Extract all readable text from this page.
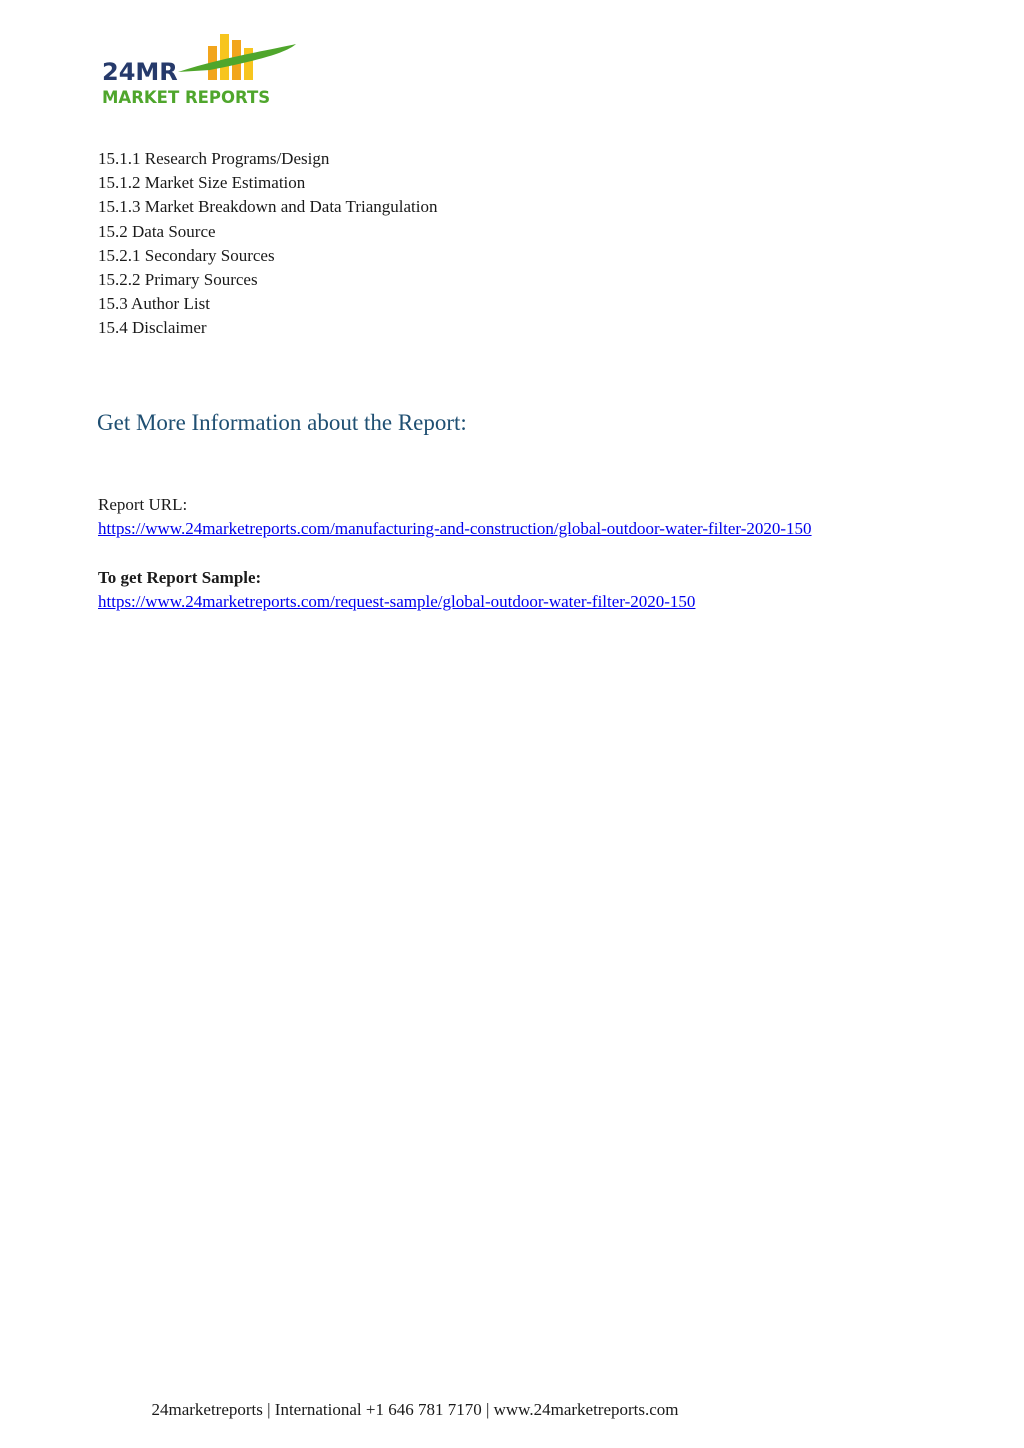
24MR
MARKET REPORTS
15.1.1 Research Programs/Design
15.1.2 Market Size Estimation
15.1.3 Market Breakdown and Data Triangulation
15.2 Data Source
15.2.1 Secondary Sources
15.2.2 Primary Sources
15.3 Author List
15.4 Disclaimer
Get More Information about the Report:
Report URL:
https://www.24marketreports.com/manufacturing-and-construction/global-outdoor-water-filter-2020-150
To get Report Sample:
https://www.24marketreports.com/request-sample/global-outdoor-water-filter-2020-150
24marketreports | International +1 646 781 7170 | www.24marketreports.com
